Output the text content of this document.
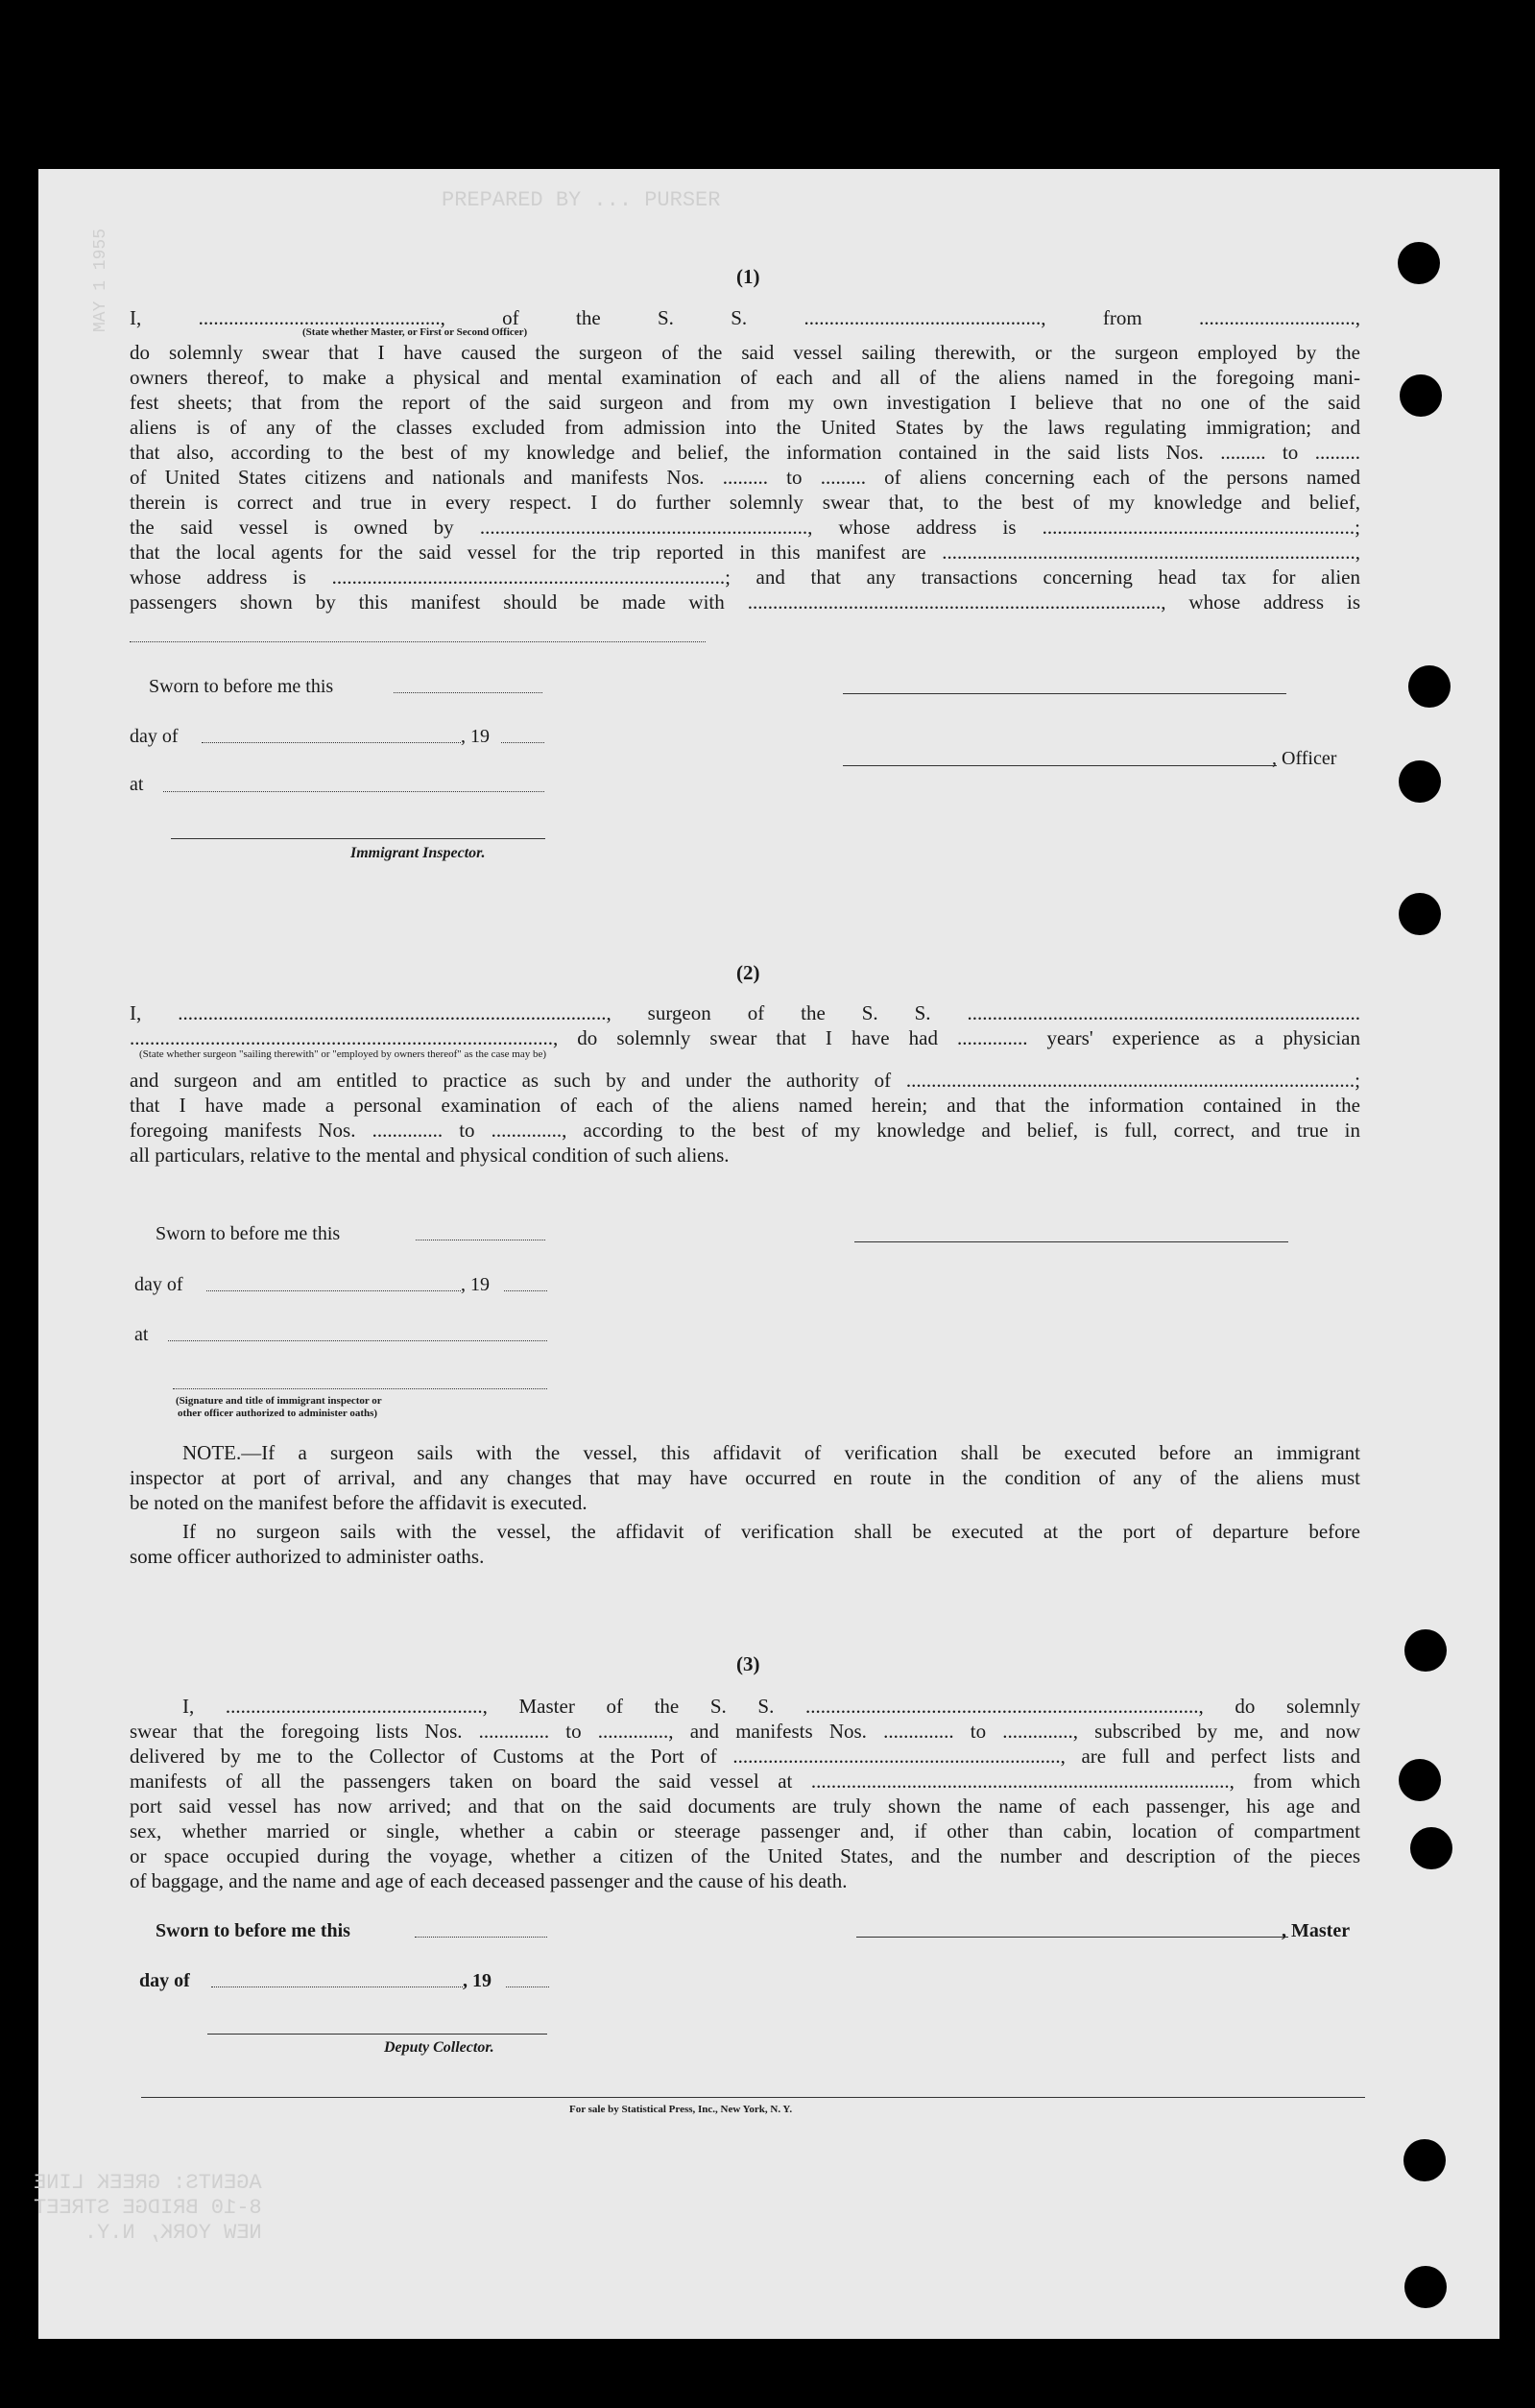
PREPARED BY ... PURSER
MAY 1 1955	(1)
I, ................................................, of the S. S. ..............................................., from ...............................,
(State whether Master, or First or Second Officer)
do solemnly swear that I have caused the surgeon of the said vessel sailing therewith, or the surgeon employed by the
owners thereof, to make a physical and mental examination of each and all of the aliens named in the foregoing mani-
fest sheets; that from the report of the said surgeon and from my own investigation I believe that no one of the said
aliens is of any of the classes excluded from admission into the United States by the laws regulating immigration; and
that also, according to the best of my knowledge and belief, the information contained in the said lists Nos. ......... to .........
of United States citizens and nationals and manifests Nos. ......... to ......... of aliens concerning each of the persons named
therein is correct and true in every respect. I do further solemnly swear that, to the best of my knowledge and belief,
the said vessel is owned by ................................................................., whose address is ..............................................................;
that the local agents for the said vessel for the trip reported in this manifest are ..................................................................................,
whose address is ..............................................................................; and that any transactions concerning head tax for alien
passengers shown by this manifest should be made with .................................................................................., whose address is
Sworn to before me this
day of	, 19
at
Immigrant Inspector.
, Officer
(2)
I, ....................................................................................., surgeon of the S. S. ..............................................................................
...................................................................................., do solemnly swear that I have had .............. years' experience as a physician
(State whether surgeon "sailing therewith" or "employed by owners thereof" as the case may be)
and surgeon and am entitled to practice as such by and under the authority of .........................................................................................;
that I have made a personal examination of each of the aliens named herein; and that the information contained in the
foregoing manifests Nos. .............. to .............., according to the best of my knowledge and belief, is full, correct, and true in
all particulars, relative to the mental and physical condition of such aliens.
Sworn to before me this
day of	, 19
at
(Signature and title of immigrant inspector or
other officer authorized to administer oaths)
NOTE.—If a surgeon sails with the vessel, this affidavit of verification shall be executed before an immigrant
inspector at port of arrival, and any changes that may have occurred en route in the condition of any of the aliens must
be noted on the manifest before the affidavit is executed.
If no surgeon sails with the vessel, the affidavit of verification shall be executed at the port of departure before
some officer authorized to administer oaths.
(3)
I, ..................................................., Master of the S. S. .............................................................................., do solemnly
swear that the foregoing lists Nos. .............. to .............., and manifests Nos. .............. to .............., subscribed by me, and now
delivered by me to the Collector of Customs at the Port of ................................................................., are full and perfect lists and
manifests of all the passengers taken on board the said vessel at ..................................................................................., from which
port said vessel has now arrived; and that on the said documents are truly shown the name of each passenger, his age and
sex, whether married or single, whether a cabin or steerage passenger and, if other than cabin, location of compartment
or space occupied during the voyage, whether a citizen of the United States, and the number and description of the pieces
of baggage, and the name and age of each deceased passenger and the cause of his death.
Sworn to before me this
day of	, 19
Deputy Collector.
, Master
For sale by Statistical Press, Inc., New York, N. Y.
AGENTS: GREEK LINE
8-10 BRIDGE STREET
NEW YORK, N.Y.
